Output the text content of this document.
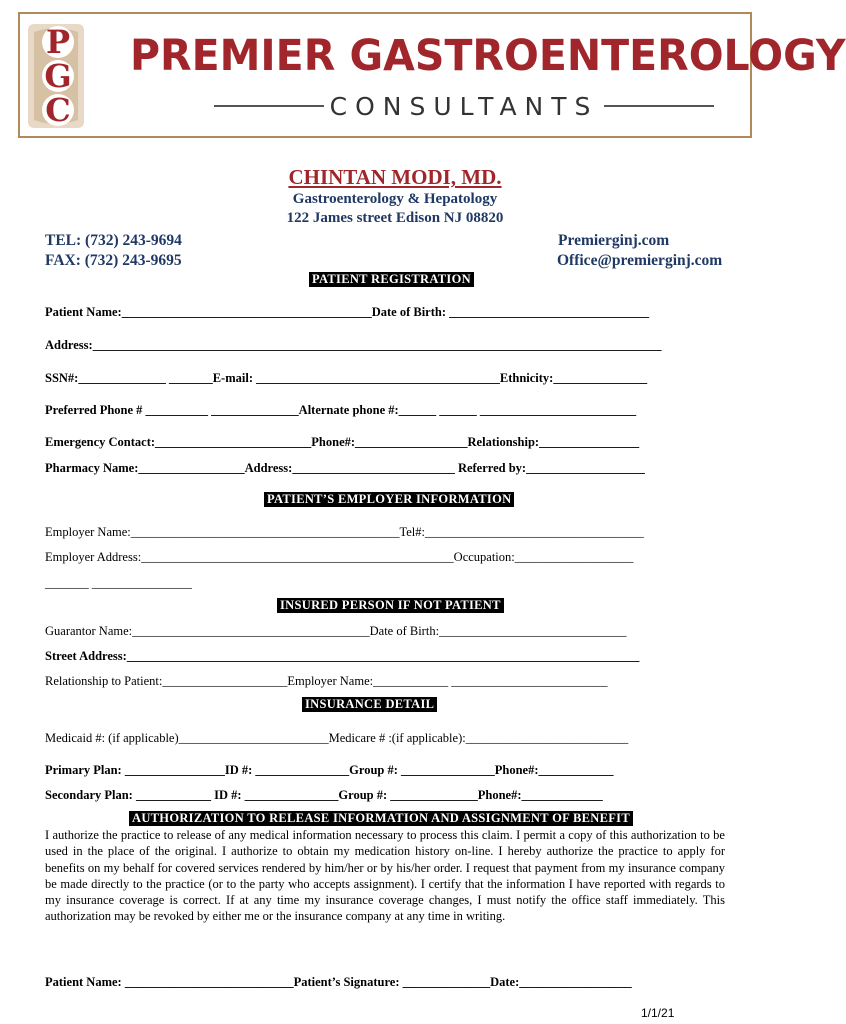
P
G
C
PREMIER GASTROENTEROLOGY
CONSULTANTS
CHINTAN MODI, MD.
Gastroenterology & Hepatology
122 James street Edison NJ 08820
TEL: (732) 243-9694
FAX: (732) 243-9695
Premierginj.com
Office@premierginj.com
PATIENT REGISTRATION
Patient Name:________________________________________Date of Birth: ________________________________
Address:___________________________________________________________________________________________
SSN#:______________ _______E-mail: _______________________________________Ethnicity:_______________
Preferred Phone # __________ ______________Alternate phone #:______ ______ _________________________
Emergency Contact:_________________________Phone#:__________________Relationship:________________
Pharmacy Name:_________________Address:__________________________ Referred by:___________________
PATIENT’S EMPLOYER INFORMATION
Employer Name:___________________________________________Tel#:___________________________________
Employer Address:__________________________________________________Occupation:___________________
_______ ________________
INSURED PERSON IF NOT PATIENT
Guarantor Name:______________________________________Date of Birth:______________________________
Street Address:__________________________________________________________________________________
Relationship to Patient:____________________Employer Name:____________ _________________________
INSURANCE DETAIL
Medicaid #: (if applicable)________________________Medicare # :(if applicable):__________________________
Primary Plan: ________________ID #: _______________Group #: _______________Phone#:____________
Secondary Plan: ____________ ID #: _______________Group #: ______________Phone#:_____________
AUTHORIZATION TO RELEASE INFORMATION AND ASSIGNMENT OF BENEFIT
I authorize the practice to release of any medical information necessary to process this claim. I permit a copy of this authorization to be used in the place of the original. I authorize to obtain my medication history on-line. I hereby authorize the practice to apply for benefits on my behalf for covered services rendered by him/her or by his/her order. I request that payment from my insurance company be made directly to the practice (or to the party who accepts assignment). I certify that the information I have reported with regards to my insurance coverage is correct. If at any time my insurance coverage changes, I must notify the office staff immediately. This authorization may be revoked by either me or the insurance company at any time in writing.
Patient Name: ___________________________Patient’s Signature: ______________Date:__________________
1/1/21
